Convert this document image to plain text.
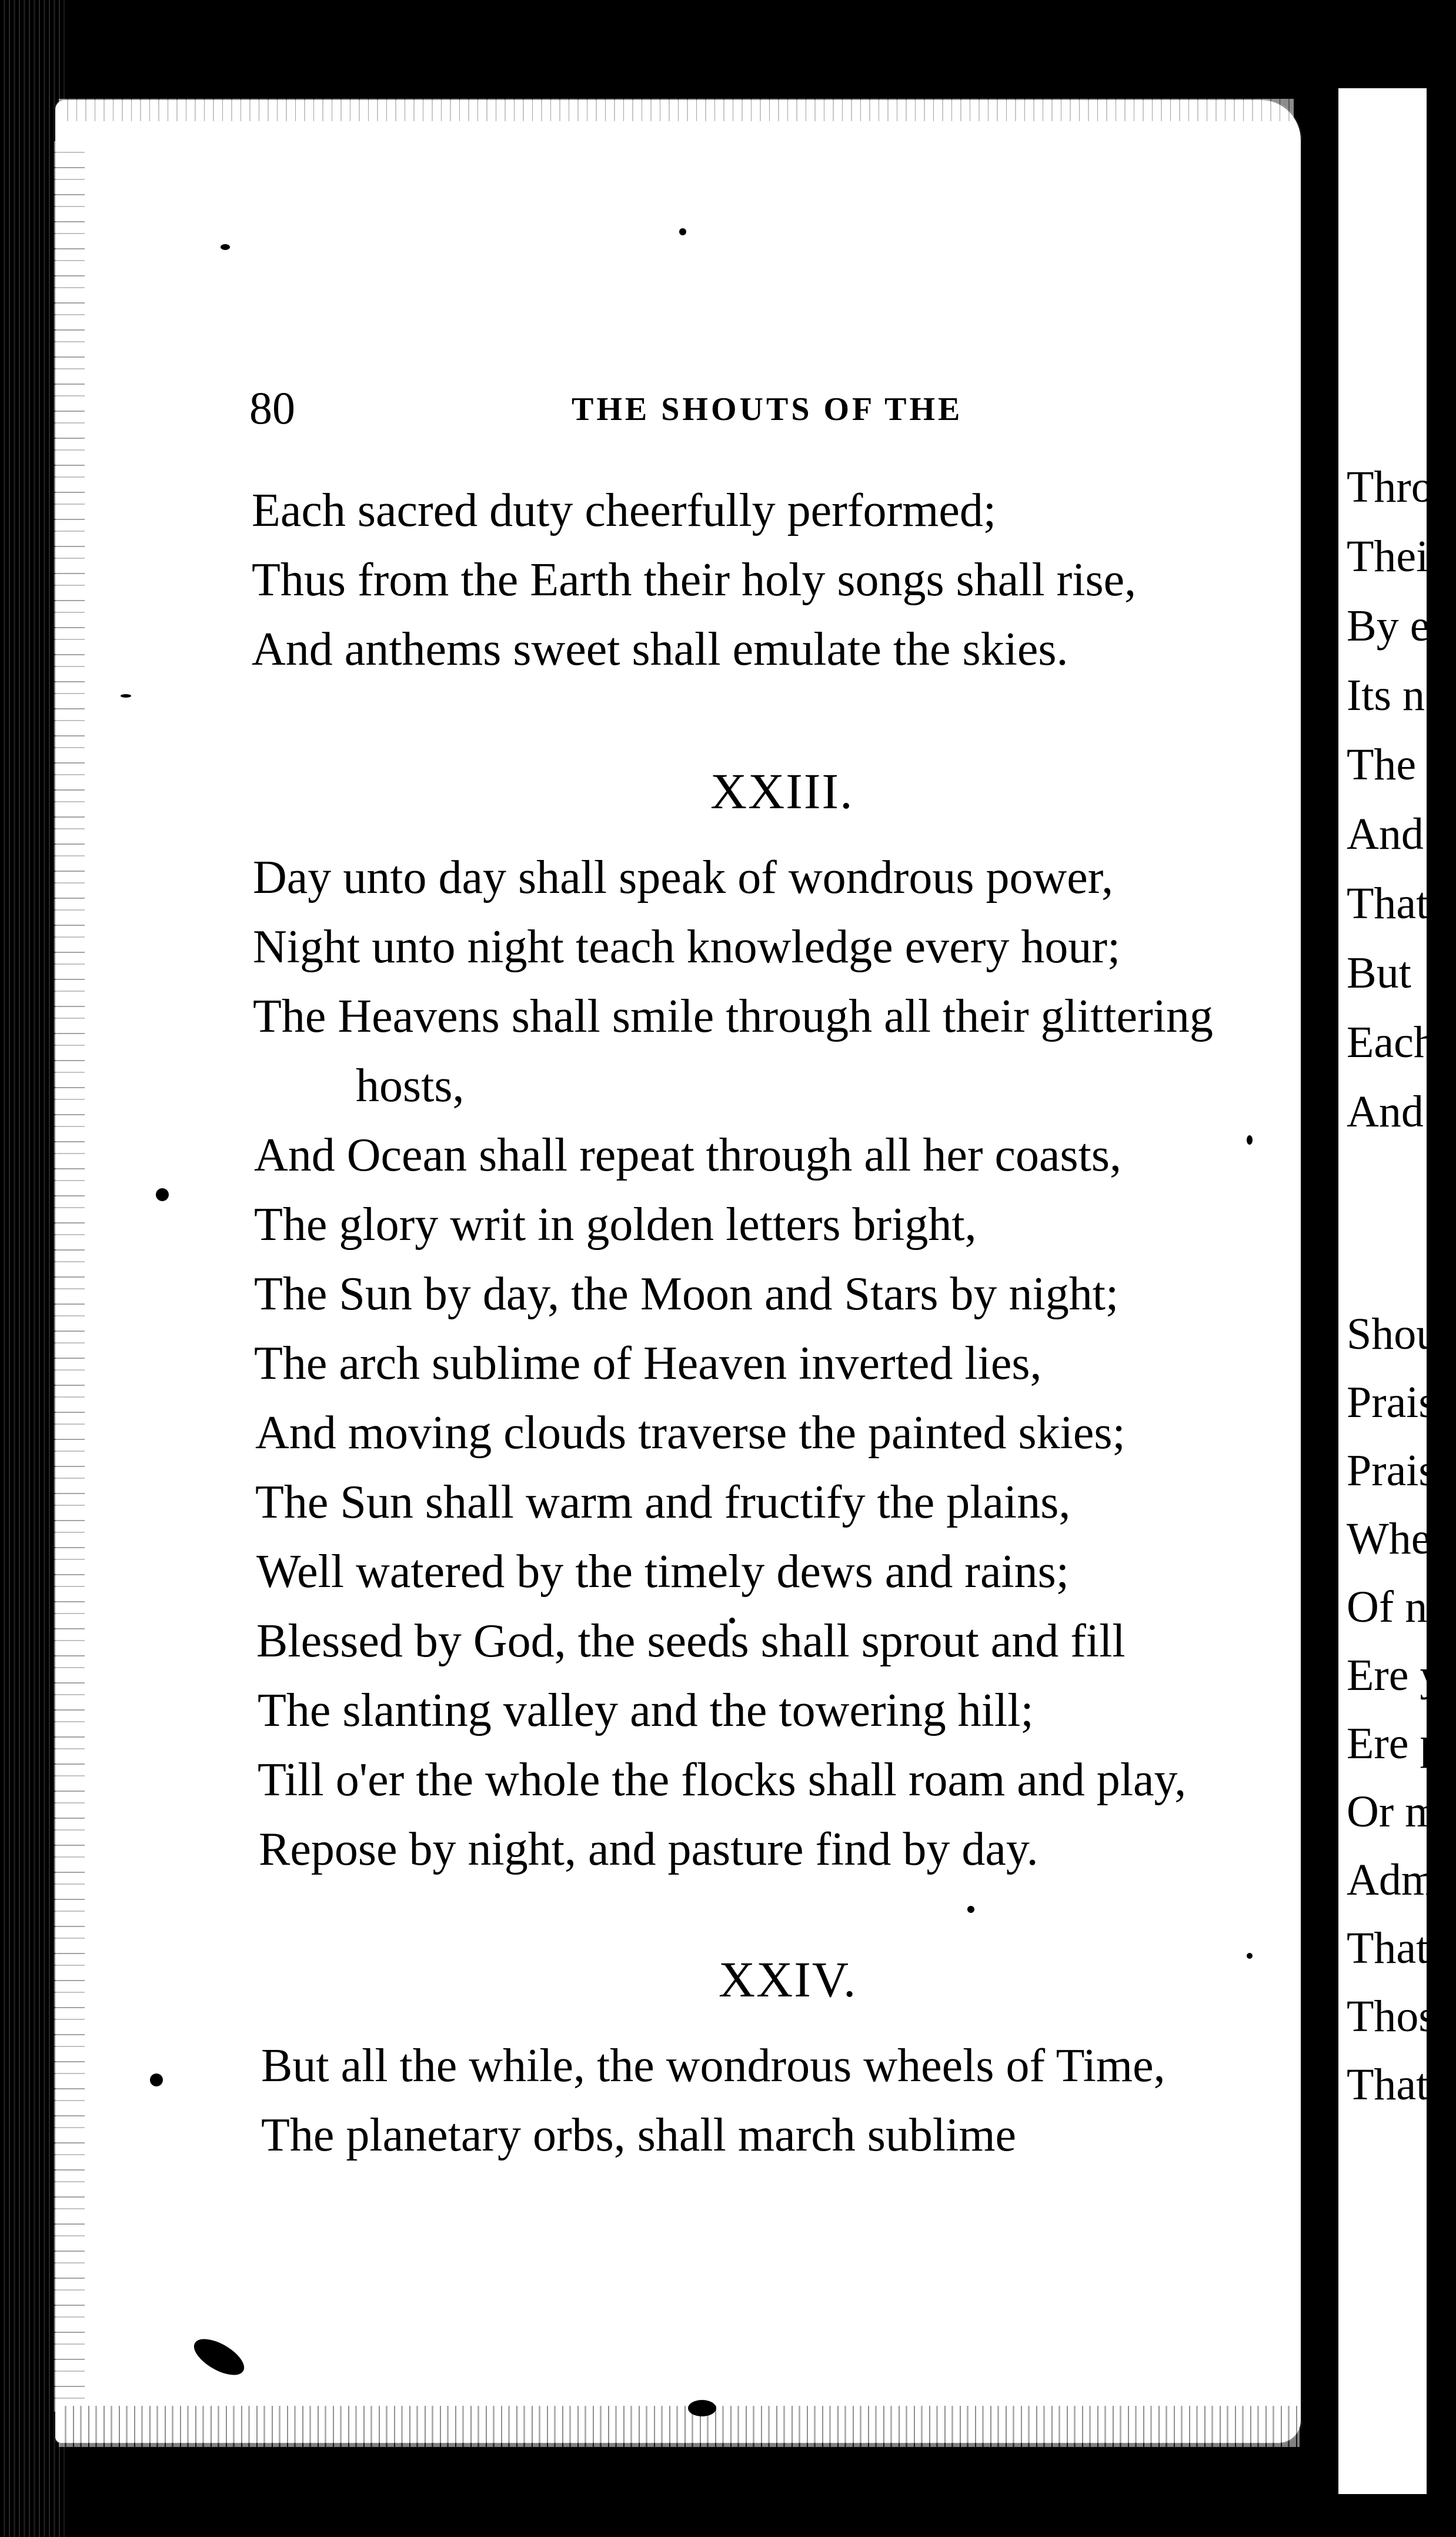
80	THE SHOUTS OF THE
Each sacred duty cheerfully performed;
Thus from the Earth their holy songs shall rise,
And anthems sweet shall emulate the skies.
XXIII.
Day unto day shall speak of wondrous power,
Night unto night teach knowledge every hour;
The Heavens shall smile through all their glittering
hosts,
And Ocean shall repeat through all her coasts,
The glory writ in golden letters bright,
The Sun by day, the Moon and Stars by night;
The arch sublime of Heaven inverted lies,
And moving clouds traverse the painted skies;
The Sun shall warm and fructify the plains,
Well watered by the timely dews and rains;
Blessed by God, the seeds shall sprout and fill
The slanting valley and the towering hill;
Till o'er the whole the flocks shall roam and play,
Repose by night, and pasture find by day.
XXIV.
But all the while, the wondrous wheels of Time,
The planetary orbs, shall march sublime
Thro
Thei
By e
Its n
The
And
That
But
Each
And
Shou
Prais
Prais
When
Of no
Ere y
Ere p
Or m
Admi
That
Those
That
